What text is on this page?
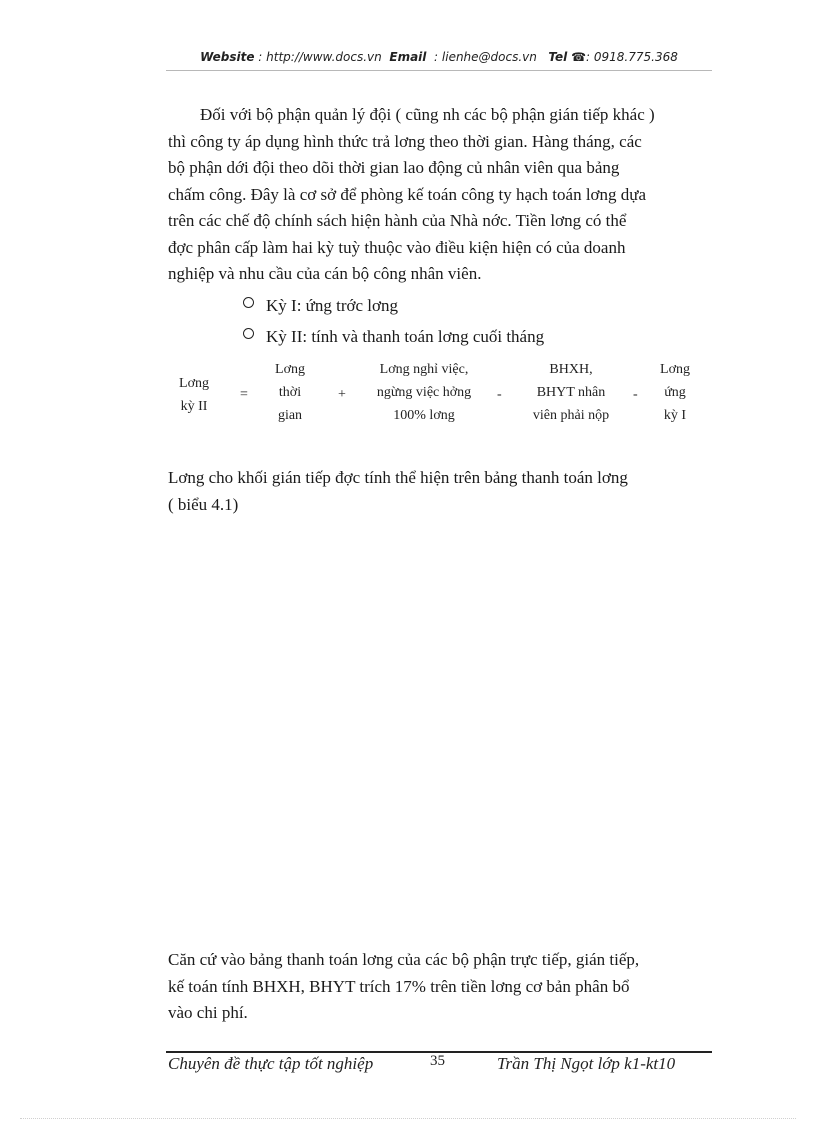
Website : http://www.docs.vn Email : lienhe@docs.vn Tel ☎: 0918.775.368
Đối với bộ phận quản lý đội ( cũng nh các bộ phận gián tiếp khác )
thì công ty áp dụng hình thức trả lơng theo thời gian. Hàng tháng, các
bộ phận dới đội theo dõi thời gian lao động củ nhân viên qua bảng
chấm công. Đây là cơ sở để phòng kế toán công ty hạch toán lơng dựa
trên các chế độ chính sách hiện hành của Nhà nớc. Tiền lơng có thể
đợc phân cấp làm hai kỳ tuỳ thuộc vào điều kiện hiện có của doanh
nghiệp và nhu cầu của cán bộ công nhân viên.
Kỳ I: ứng trớc lơng
Kỳ II: tính và thanh toán lơng cuối tháng
Lơng
kỳ II
=
Lơng
thời
gian
+
Lơng nghỉ việc,
ngừng việc hởng
100% lơng
-
BHXH,
BHYT nhân
viên phải nộp
-
Lơng
ứng
kỳ I
Lơng cho khối gián tiếp đợc tính thể hiện trên bảng thanh toán lơng
( biểu 4.1)
Căn cứ vào bảng thanh toán lơng của các bộ phận trực tiếp, gián tiếp,
kế toán tính BHXH, BHYT trích 17% trên tiền lơng cơ bản phân bổ
vào chi phí.
Chuyên đề thực tập tốt nghiệp	35	Trần Thị Ngọt lớp k1-kt10
